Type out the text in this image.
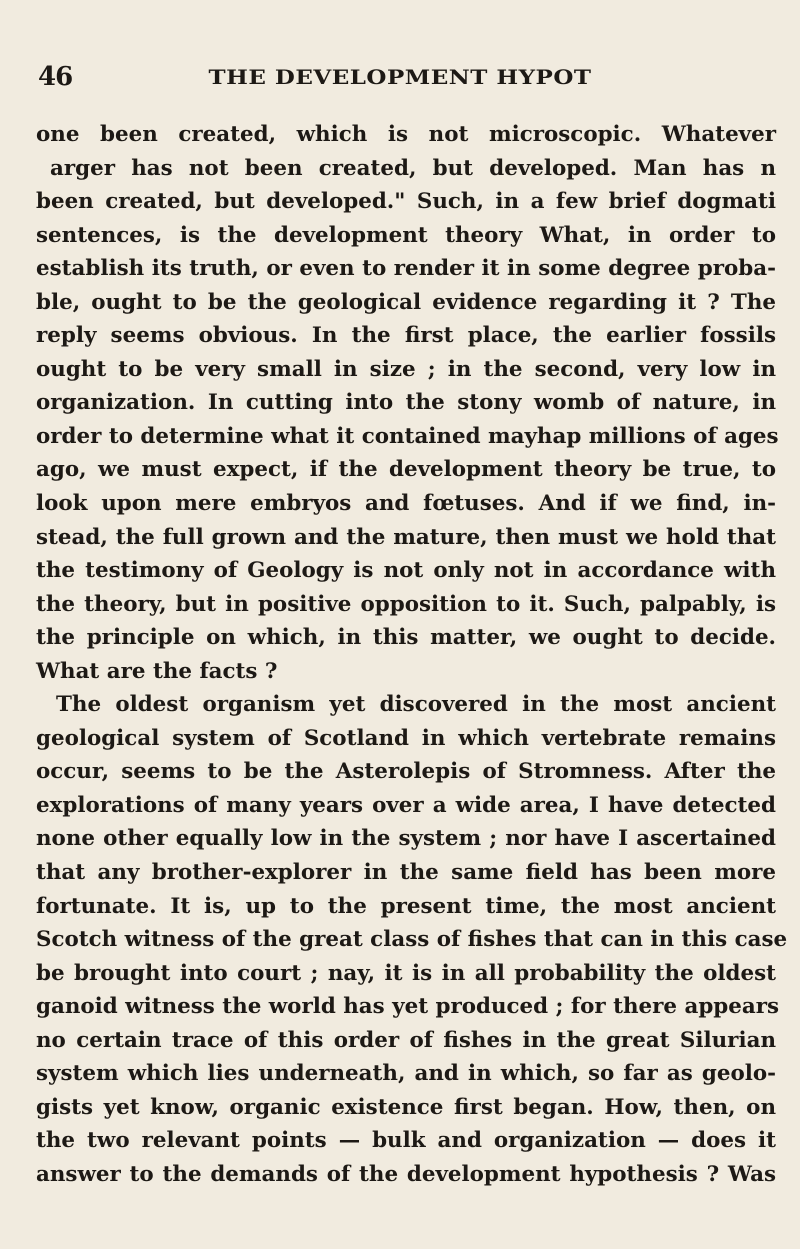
46	THE DEVELOPMENT HYPOT
one been created, which is not microscopic. Whatever
arger has not been created, but developed. Man has n
been created, but developed." Such, in a few brief dogmati
sentences, is the development theory What, in order to
establish its truth, or even to render it in some degree proba-
ble, ought to be the geological evidence regarding it ? The
reply seems obvious. In the first place, the earlier fossils
ought to be very small in size ; in the second, very low in
organization. In cutting into the stony womb of nature, in
order to determine what it contained mayhap millions of ages
ago, we must expect, if the development theory be true, to
look upon mere embryos and fœtuses. And if we find, in-
stead, the full grown and the mature, then must we hold that
the testimony of Geology is not only not in accordance with
the theory, but in positive opposition to it. Such, palpably, is
the principle on which, in this matter, we ought to decide.
What are the facts ?
The oldest organism yet discovered in the most ancient
geological system of Scotland in which vertebrate remains
occur, seems to be the Asterolepis of Stromness. After the
explorations of many years over a wide area, I have detected
none other equally low in the system ; nor have I ascertained
that any brother-explorer in the same field has been more
fortunate. It is, up to the present time, the most ancient
Scotch witness of the great class of fishes that can in this case
be brought into court ; nay, it is in all probability the oldest
ganoid witness the world has yet produced ; for there appears
no certain trace of this order of fishes in the great Silurian
system which lies underneath, and in which, so far as geolo-
gists yet know, organic existence first began. How, then, on
the two relevant points — bulk and organization — does it
answer to the demands of the development hypothesis ? Was
